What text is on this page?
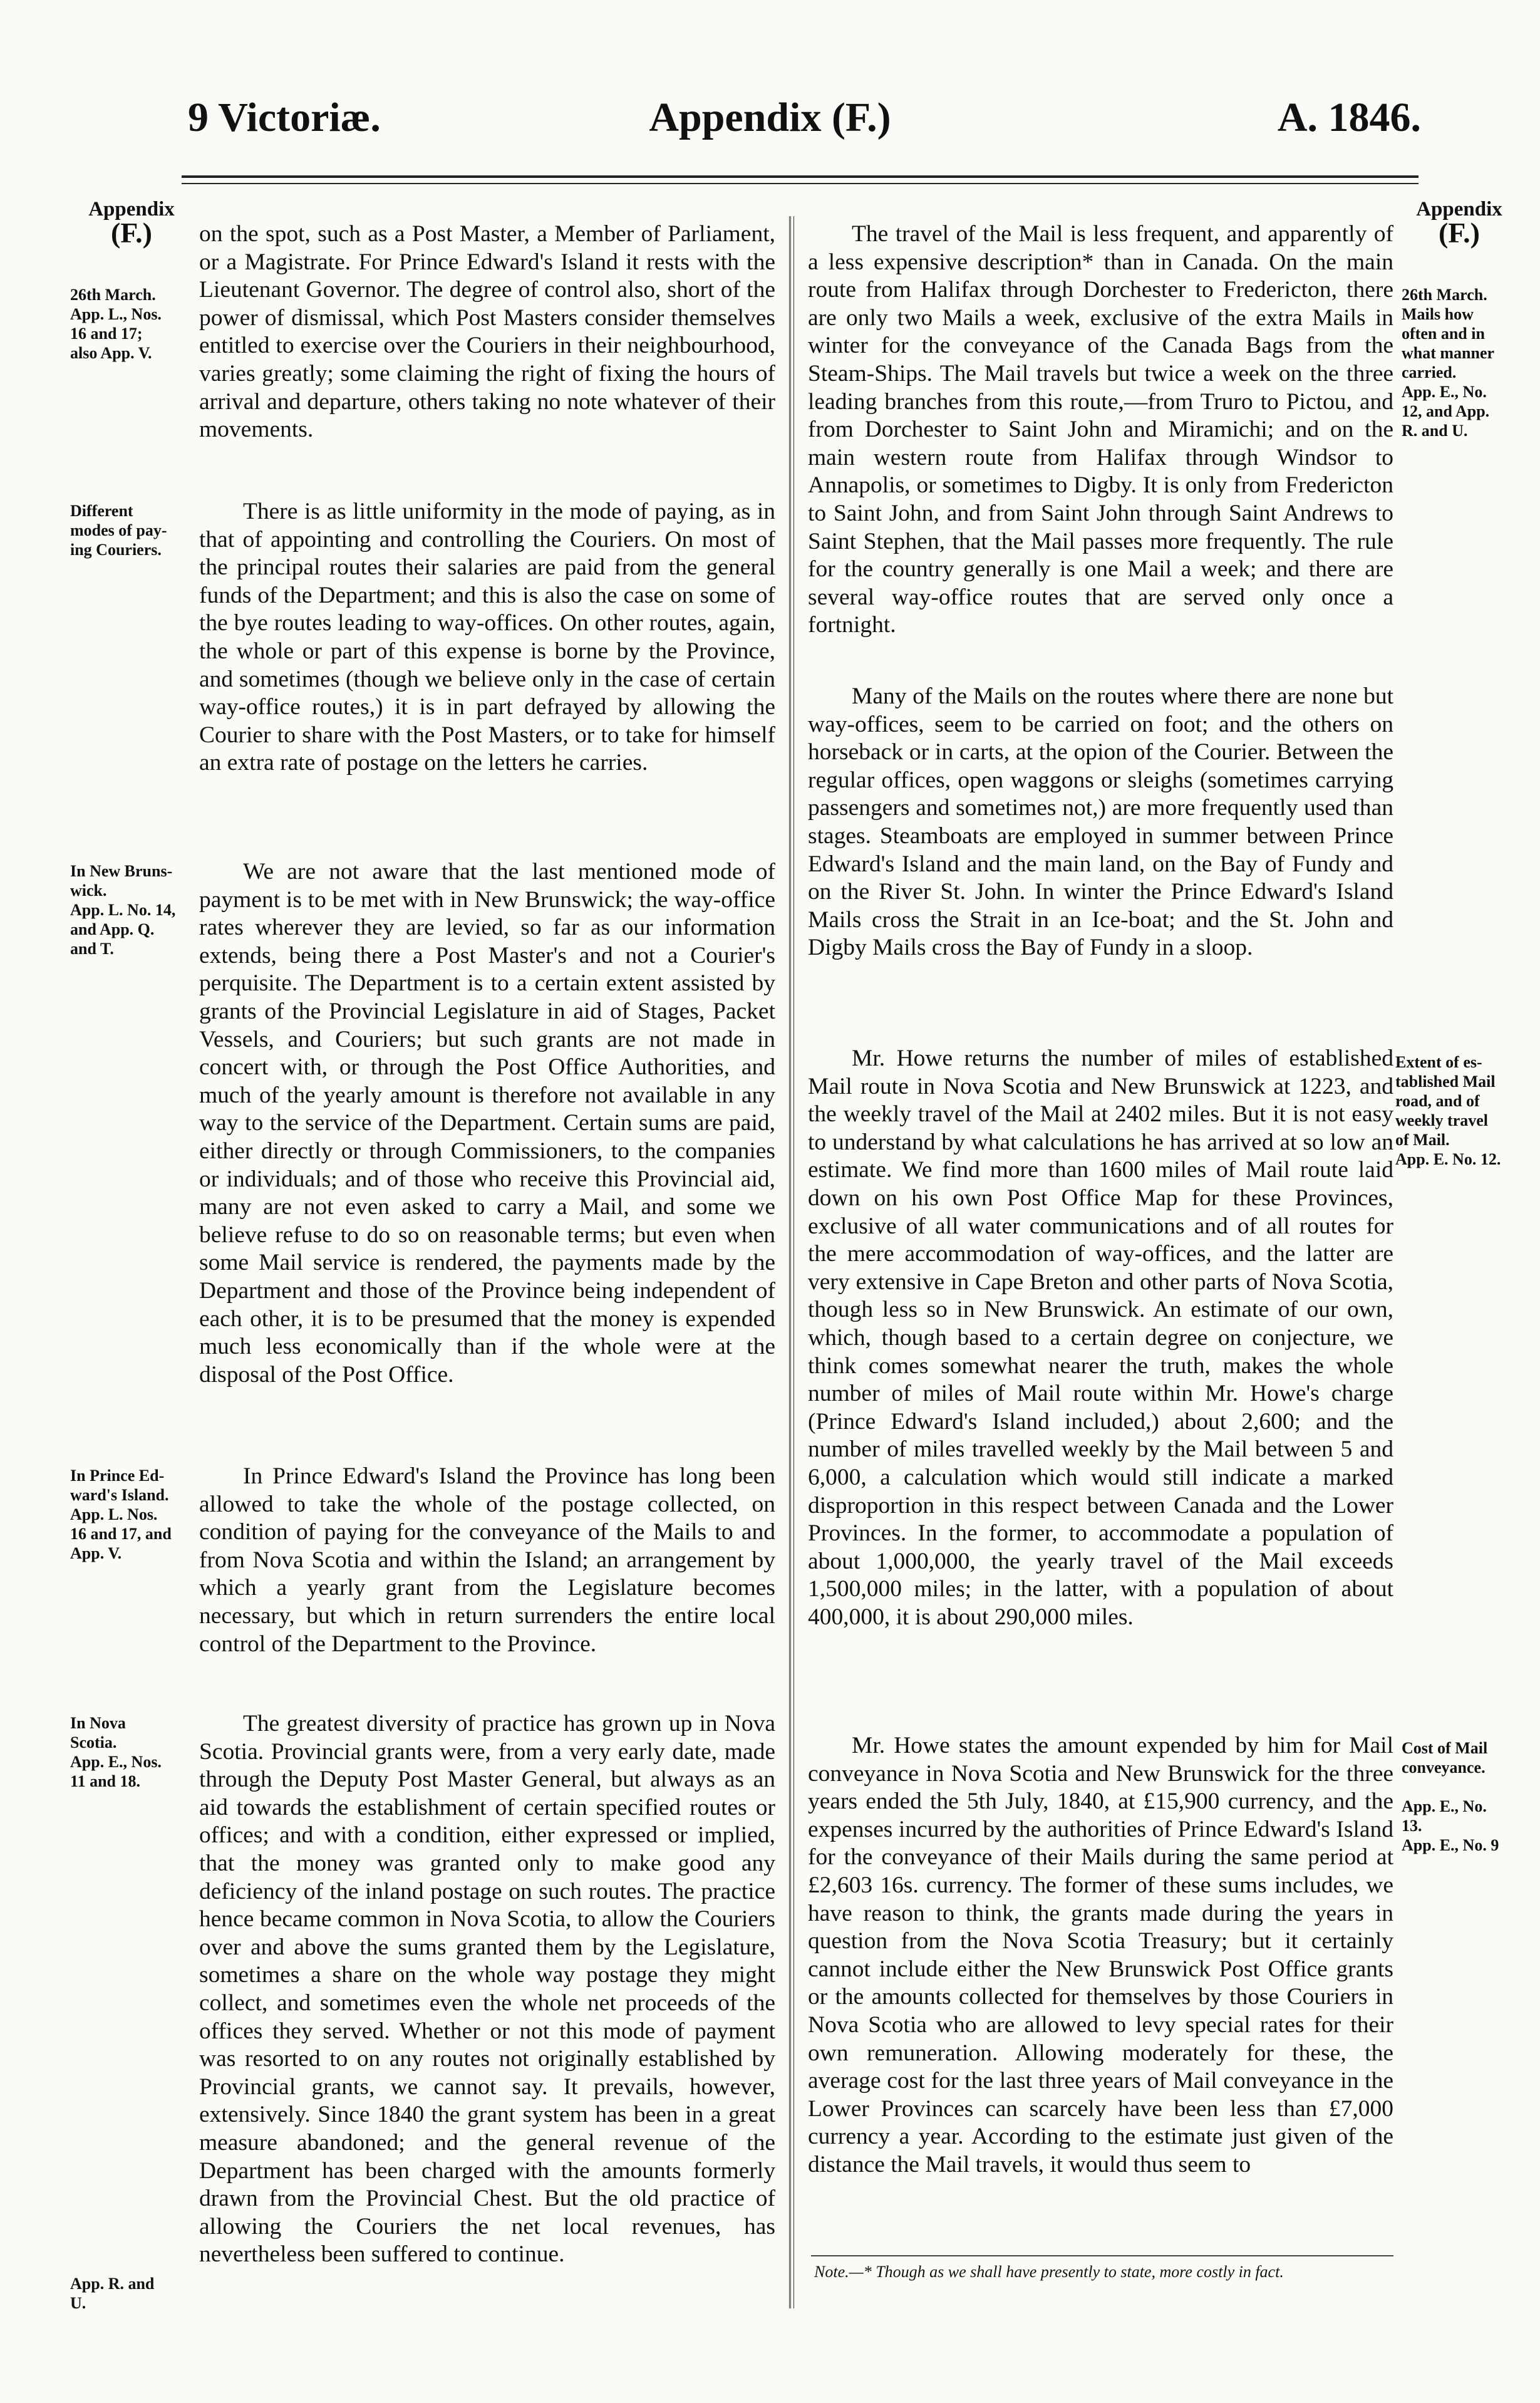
9 Victoriæ.	Appendix (F.)	A. 1846.
Appendix
(F.)
Appendix
(F.)
26th March.
App. L., Nos.
16 and 17;
also App. V.
Different
modes of pay-
ing Couriers.
In New Bruns-
wick.
App. L. No. 14,
and App. Q.
and T.
In Prince Ed-
ward's Island.
App. L. Nos.
16 and 17, and
App. V.
In Nova
Scotia.
App. E., Nos.
11 and 18.
App. R. and
U.
26th March.
Mails how
often and in
what manner
carried.
App. E., No.
12, and App.
R. and U.
Extent of es-
tablished Mail
road, and of
weekly travel
of Mail.
App. E. No. 12.
Cost of Mail
conveyance.

App. E., No.
13.
App. E., No. 9
on the spot, such as a Post Master, a Member of Parliament, or a Magistrate. For Prince Edward's Island it rests with the Lieutenant Governor. The degree of control also, short of the power of dismissal, which Post Masters consider themselves entitled to exercise over the Couriers in their neighbourhood, varies greatly; some claiming the right of fixing the hours of arrival and departure, others taking no note whatever of their movements.
There is as little uniformity in the mode of paying, as in that of appointing and controlling the Couriers. On most of the principal routes their salaries are paid from the general funds of the Department; and this is also the case on some of the bye routes leading to way-offices. On other routes, again, the whole or part of this expense is borne by the Province, and sometimes (though we believe only in the case of certain way-office routes,) it is in part defrayed by allowing the Courier to share with the Post Masters, or to take for himself an extra rate of postage on the letters he carries.
We are not aware that the last mentioned mode of payment is to be met with in New Brunswick; the way-office rates wherever they are levied, so far as our information extends, being there a Post Master's and not a Courier's perquisite. The Department is to a certain extent assisted by grants of the Provincial Legislature in aid of Stages, Packet Vessels, and Couriers; but such grants are not made in concert with, or through the Post Office Authorities, and much of the yearly amount is therefore not available in any way to the service of the Department. Certain sums are paid, either directly or through Commissioners, to the companies or individuals; and of those who receive this Provincial aid, many are not even asked to carry a Mail, and some we believe refuse to do so on reasonable terms; but even when some Mail service is rendered, the payments made by the Department and those of the Province being independent of each other, it is to be presumed that the money is expended much less economically than if the whole were at the disposal of the Post Office.
In Prince Edward's Island the Province has long been allowed to take the whole of the postage collected, on condition of paying for the conveyance of the Mails to and from Nova Scotia and within the Island; an arrangement by which a yearly grant from the Legislature becomes necessary, but which in return surrenders the entire local control of the Department to the Province.
The greatest diversity of practice has grown up in Nova Scotia. Provincial grants were, from a very early date, made through the Deputy Post Master General, but always as an aid towards the establishment of certain specified routes or offices; and with a condition, either expressed or implied, that the money was granted only to make good any deficiency of the inland postage on such routes. The practice hence became common in Nova Scotia, to allow the Couriers over and above the sums granted them by the Legislature, sometimes a share on the whole way postage they might collect, and sometimes even the whole net proceeds of the offices they served. Whether or not this mode of payment was resorted to on any routes not originally established by Provincial grants, we cannot say. It prevails, however, extensively. Since 1840 the grant system has been in a great measure abandoned; and the general revenue of the Department has been charged with the amounts formerly drawn from the Provincial Chest. But the old practice of allowing the Couriers the net local revenues, has nevertheless been suffered to continue.
The travel of the Mail is less frequent, and apparently of a less expensive description* than in Canada. On the main route from Halifax through Dorchester to Fredericton, there are only two Mails a week, exclusive of the extra Mails in winter for the conveyance of the Canada Bags from the Steam-Ships. The Mail travels but twice a week on the three leading branches from this route,—from Truro to Pictou, and from Dorchester to Saint John and Miramichi; and on the main western route from Halifax through Windsor to Annapolis, or sometimes to Digby. It is only from Fredericton to Saint John, and from Saint John through Saint Andrews to Saint Stephen, that the Mail passes more frequently. The rule for the country generally is one Mail a week; and there are several way-office routes that are served only once a fortnight.
Many of the Mails on the routes where there are none but way-offices, seem to be carried on foot; and the others on horseback or in carts, at the opion of the Courier. Between the regular offices, open waggons or sleighs (sometimes carrying passengers and sometimes not,) are more frequently used than stages. Steamboats are employed in summer between Prince Edward's Island and the main land, on the Bay of Fundy and on the River St. John. In winter the Prince Edward's Island Mails cross the Strait in an Ice-boat; and the St. John and Digby Mails cross the Bay of Fundy in a sloop.
Mr. Howe returns the number of miles of established Mail route in Nova Scotia and New Brunswick at 1223, and the weekly travel of the Mail at 2402 miles. But it is not easy to understand by what calculations he has arrived at so low an estimate. We find more than 1600 miles of Mail route laid down on his own Post Office Map for these Provinces, exclusive of all water communications and of all routes for the mere accommodation of way-offices, and the latter are very extensive in Cape Breton and other parts of Nova Scotia, though less so in New Brunswick. An estimate of our own, which, though based to a certain degree on conjecture, we think comes somewhat nearer the truth, makes the whole number of miles of Mail route within Mr. Howe's charge (Prince Edward's Island included,) about 2,600; and the number of miles travelled weekly by the Mail between 5 and 6,000, a calculation which would still indicate a marked disproportion in this respect between Canada and the Lower Provinces. In the former, to accommodate a population of about 1,000,000, the yearly travel of the Mail exceeds 1,500,000 miles; in the latter, with a population of about 400,000, it is about 290,000 miles.
Mr. Howe states the amount expended by him for Mail conveyance in Nova Scotia and New Brunswick for the three years ended the 5th July, 1840, at £15,900 currency, and the expenses incurred by the authorities of Prince Edward's Island for the conveyance of their Mails during the same period at £2,603 16s. currency. The former of these sums includes, we have reason to think, the grants made during the years in question from the Nova Scotia Treasury; but it certainly cannot include either the New Brunswick Post Office grants or the amounts collected for themselves by those Couriers in Nova Scotia who are allowed to levy special rates for their own remuneration. Allowing moderately for these, the average cost for the last three years of Mail conveyance in the Lower Provinces can scarcely have been less than £7,000 currency a year. According to the estimate just given of the distance the Mail travels, it would thus seem to
Note.—* Though as we shall have presently to state, more costly in fact.
